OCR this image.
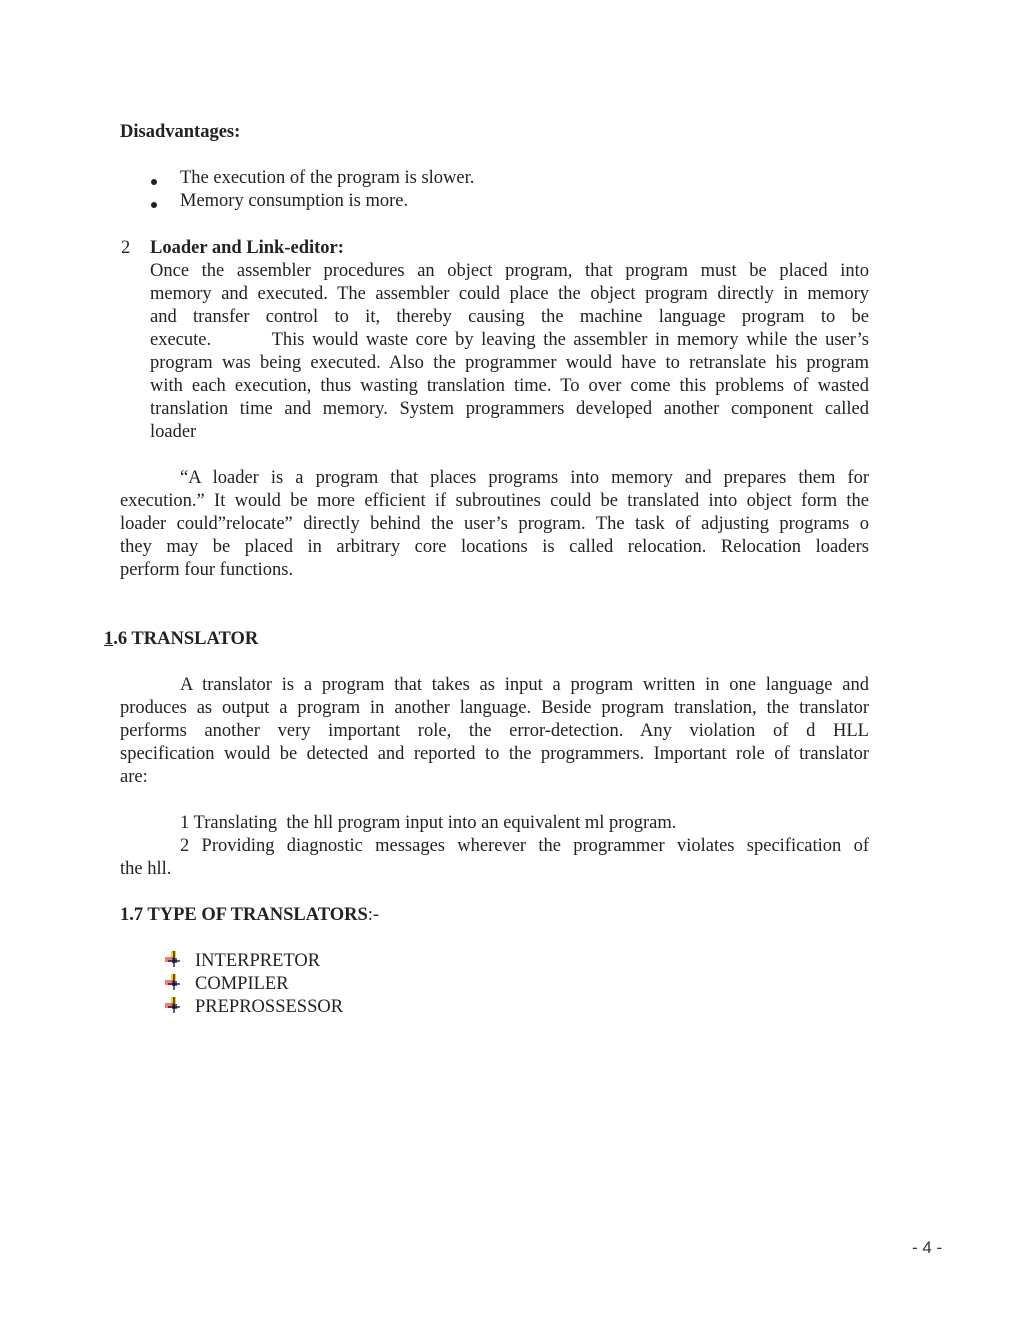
Disadvantages:
The execution of the program is slower.
Memory consumption is more.
2 Loader and Link-editor:
Once the assembler procedures an object program, that program must be placed into
memory and executed. The assembler could place the object program directly in memory
and transfer control to it, thereby causing the machine language program to be
execute.        This would waste core by leaving the assembler in memory while the user’s
program was being executed. Also the programmer would have to retranslate his program
with each execution, thus wasting translation time. To over come this problems of wasted
translation time and memory. System programmers developed another component called
loader
“A loader is a program that places programs into memory and prepares them for
execution.” It would be more efficient if subroutines could be translated into object form the
loader could”relocate” directly behind the user’s program. The task of adjusting programs o
they may be placed in arbitrary core locations is called relocation. Relocation loaders
perform four functions.
1.6 TRANSLATOR
A translator is a program that takes as input a program written in one language and
produces as output a program in another language. Beside program translation, the translator
performs another very important role, the error-detection. Any violation of d HLL
specification would be detected and reported to the programmers. Important role of translator
are:
1 Translating  the hll program input into an equivalent ml program.
2 Providing diagnostic messages wherever the programmer violates specification of
the hll.
1.7 TYPE OF TRANSLATORS:-
INTERPRETOR
COMPILER
PREPROSSESSOR
- 4 -
